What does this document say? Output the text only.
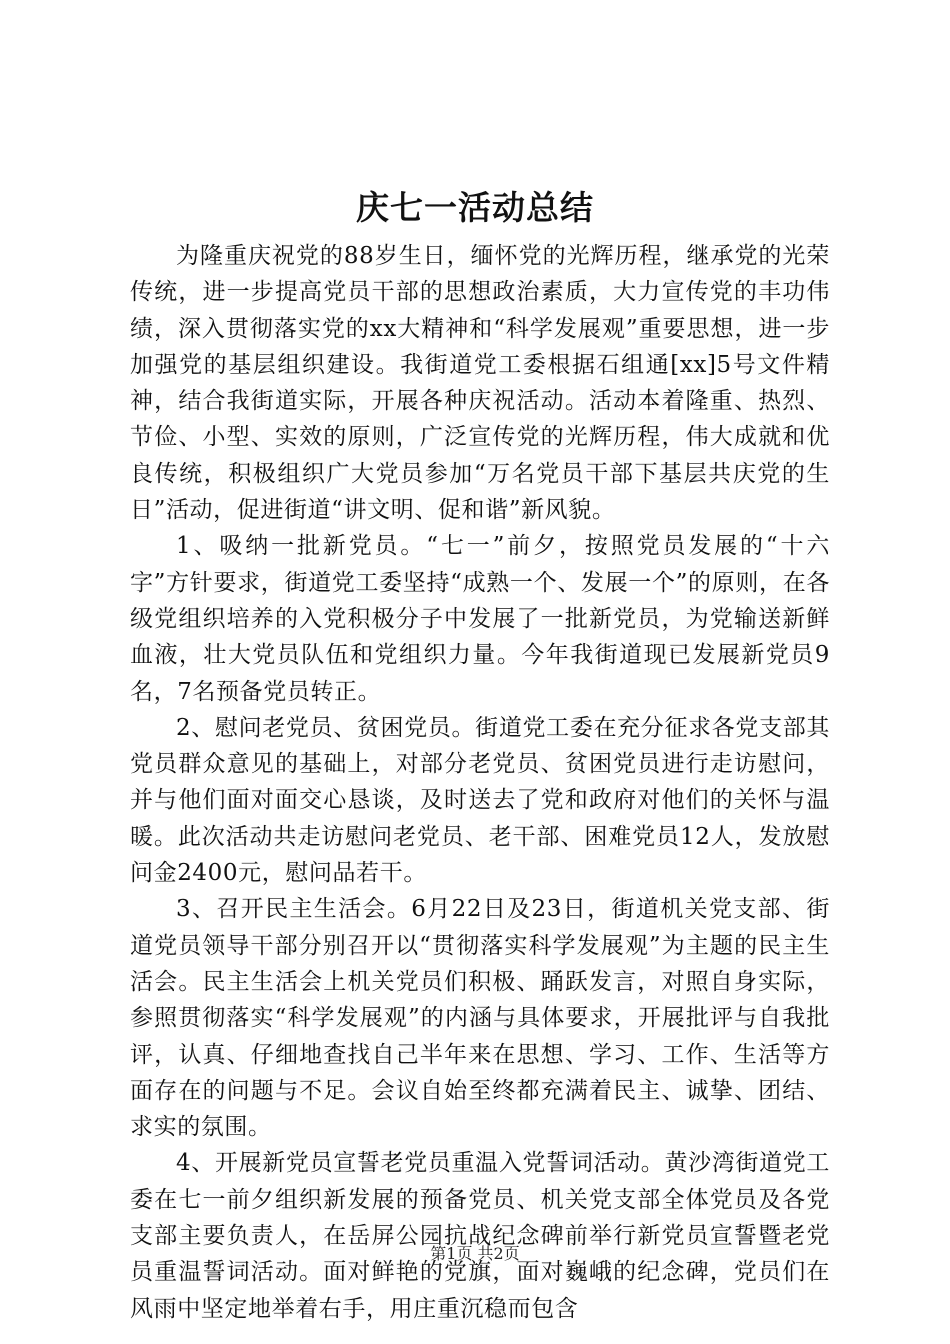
庆七一活动总结

为隆重庆祝党的88岁生日，缅怀党的光辉历程，继承党的光荣传统，进一步提高党员干部的思想政治素质，大力宣传党的丰功伟绩，深入贯彻落实党的xx大精神和“科学发展观”重要思想，进一步加强党的基层组织建设。我街道党工委根据石组通[xx]5号文件精神，结合我街道实际，开展各种庆祝活动。活动本着隆重、热烈、节俭、小型、实效的原则，广泛宣传党的光辉历程，伟大成就和优良传统，积极组织广大党员参加“万名党员干部下基层共庆党的生日”活动，促进街道“讲文明、促和谐”新风貌。

1、吸纳一批新党员。“七一”前夕，按照党员发展的“十六字”方针要求，街道党工委坚持“成熟一个、发展一个”的原则，在各级党组织培养的入党积极分子中发展了一批新党员，为党输送新鲜血液，壮大党员队伍和党组织力量。今年我街道现已发展新党员9名，7名预备党员转正。

2、慰问老党员、贫困党员。街道党工委在充分征求各党支部其党员群众意见的基础上，对部分老党员、贫困党员进行走访慰问，并与他们面对面交心恳谈，及时送去了党和政府对他们的关怀与温暖。此次活动共走访慰问老党员、老干部、困难党员12人，发放慰问金2400元，慰问品若干。

3、召开民主生活会。6月22日及23日，街道机关党支部、街道党员领导干部分别召开以“贯彻落实科学发展观”为主题的民主生活会。民主生活会上机关党员们积极、踊跃发言，对照自身实际，参照贯彻落实“科学发展观”的内涵与具体要求，开展批评与自我批评，认真、仔细地查找自己半年来在思想、学习、工作、生活等方面存在的问题与不足。会议自始至终都充满着民主、诚挚、团结、求实的氛围。

4、开展新党员宣誓老党员重温入党誓词活动。黄沙湾街道党工委在七一前夕组织新发展的预备党员、机关党支部全体党员及各党支部主要负责人，在岳屏公园抗战纪念碑前举行新党员宣誓暨老党员重温誓词活动。面对鲜艳的党旗，面对巍峨的纪念碑，党员们在风雨中坚定地举着右手，用庄重沉稳而包含

第1页 共2页
